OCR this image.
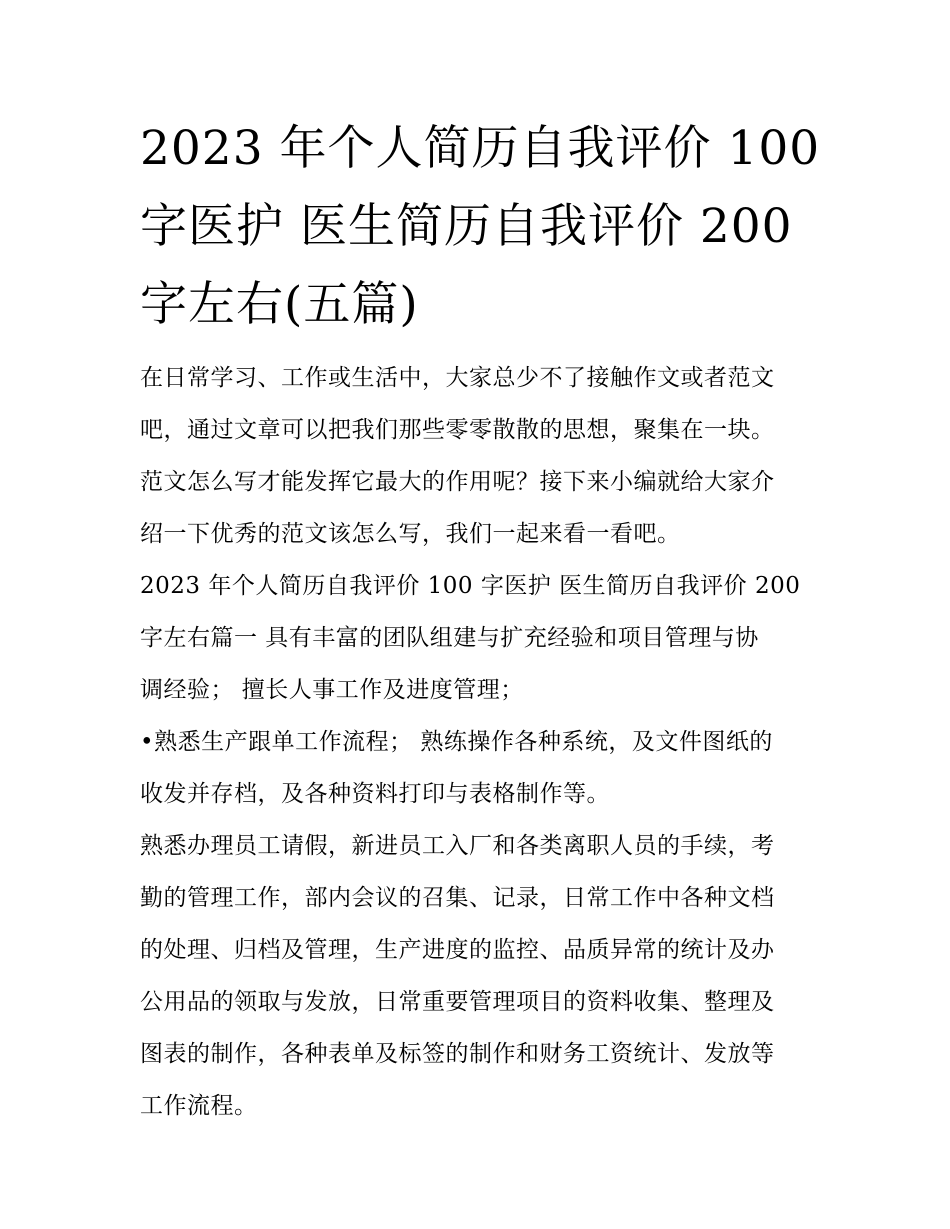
2023 年个人简历自我评价 100
字医护 医生简历自我评价 200
字左右(五篇)

在日常学习、工作或生活中，大家总少不了接触作文或者范文
吧，通过文章可以把我们那些零零散散的思想，聚集在一块。
范文怎么写才能发挥它最大的作用呢？接下来小编就给大家介
绍一下优秀的范文该怎么写，我们一起来看一看吧。

2023 年个人简历自我评价 100 字医护 医生简历自我评价 200
字左右篇一 具有丰富的团队组建与扩充经验和项目管理与协
调经验； 擅长人事工作及进度管理；

•熟悉生产跟单工作流程； 熟练操作各种系统，及文件图纸的
收发并存档，及各种资料打印与表格制作等。

熟悉办理员工请假，新进员工入厂和各类离职人员的手续，考
勤的管理工作，部内会议的召集、记录，日常工作中各种文档
的处理、归档及管理，生产进度的监控、品质异常的统计及办
公用品的领取与发放，日常重要管理项目的资料收集、整理及
图表的制作，各种表单及标签的制作和财务工资统计、发放等
工作流程。
